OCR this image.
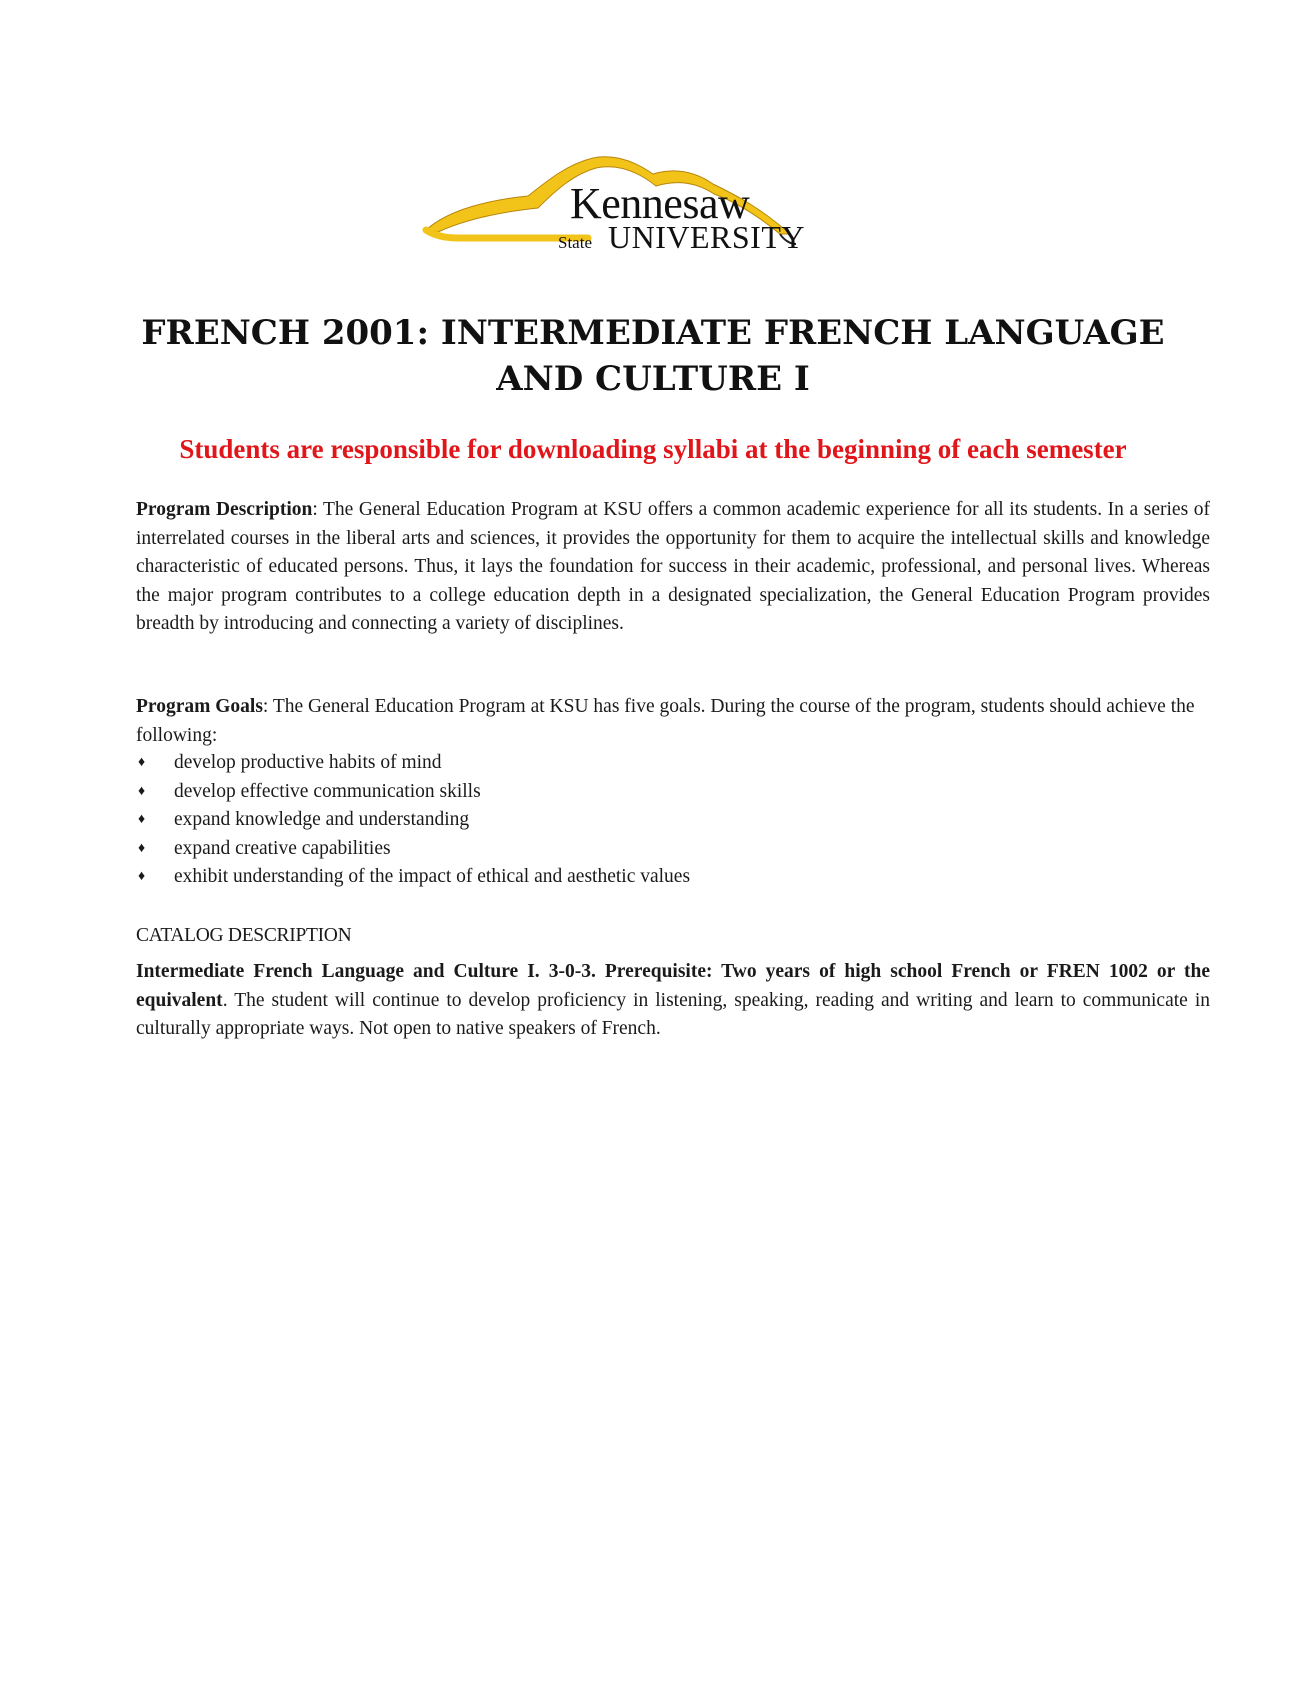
Kennesaw
State UNIVERSITY
FRENCH 2001: INTERMEDIATE FRENCH LANGUAGE AND CULTURE I

Students are responsible for downloading syllabi at the beginning of each semester

Program Description: The General Education Program at KSU offers a common academic experience for all its students. In a series of interrelated courses in the liberal arts and sciences, it provides the opportunity for them to acquire the intellectual skills and knowledge characteristic of educated persons. Thus, it lays the foundation for success in their academic, professional, and personal lives. Whereas the major program contributes to a college education depth in a designated specialization, the General Education Program provides breadth by introducing and connecting a variety of disciplines.

Program Goals: The General Education Program at KSU has five goals. During the course of the program, students should achieve the following:

♦ develop productive habits of mind
♦ develop effective communication skills
♦ expand knowledge and understanding
♦ expand creative capabilities
♦ exhibit understanding of the impact of ethical and aesthetic values

CATALOG DESCRIPTION

Intermediate French Language and Culture I. 3-0-3. Prerequisite: Two years of high school French or FREN 1002 or the equivalent. The student will continue to develop proficiency in listening, speaking, reading and writing and learn to communicate in culturally appropriate ways. Not open to native speakers of French.
